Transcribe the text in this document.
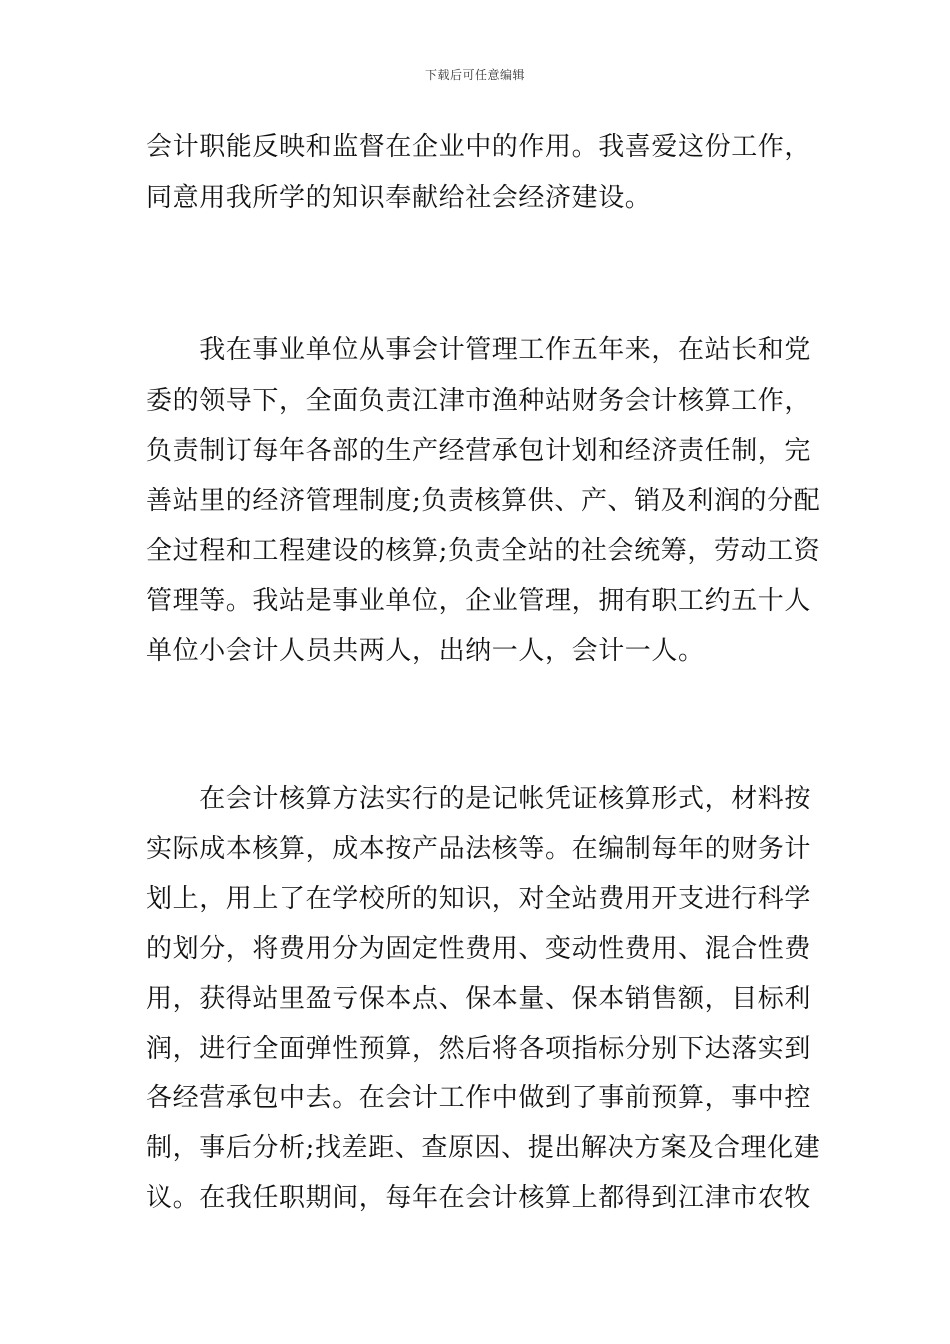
下载后可任意编辑
会计职能反映和监督在企业中的作用。我喜爱这份工作，
同意用我所学的知识奉献给社会经济建设。
　　我在事业单位从事会计管理工作五年来，在站长和党
委的领导下，全面负责江津市渔种站财务会计核算工作，
负责制订每年各部的生产经营承包计划和经济责任制，完
善站里的经济管理制度;负责核算供、产、销及利润的分配
全过程和工程建设的核算;负责全站的社会统筹，劳动工资
管理等。我站是事业单位，企业管理，拥有职工约五十人
单位小会计人员共两人，出纳一人，会计一人。
　　在会计核算方法实行的是记帐凭证核算形式，材料按
实际成本核算，成本按产品法核等。在编制每年的财务计
划上，用上了在学校所的知识，对全站费用开支进行科学
的划分，将费用分为固定性费用、变动性费用、混合性费
用，获得站里盈亏保本点、保本量、保本销售额，目标利
润，进行全面弹性预算，然后将各项指标分别下达落实到
各经营承包中去。在会计工作中做到了事前预算，事中控
制，事后分析;找差距、查原因、提出解决方案及合理化建
议。在我任职期间，每年在会计核算上都得到江津市农牧
